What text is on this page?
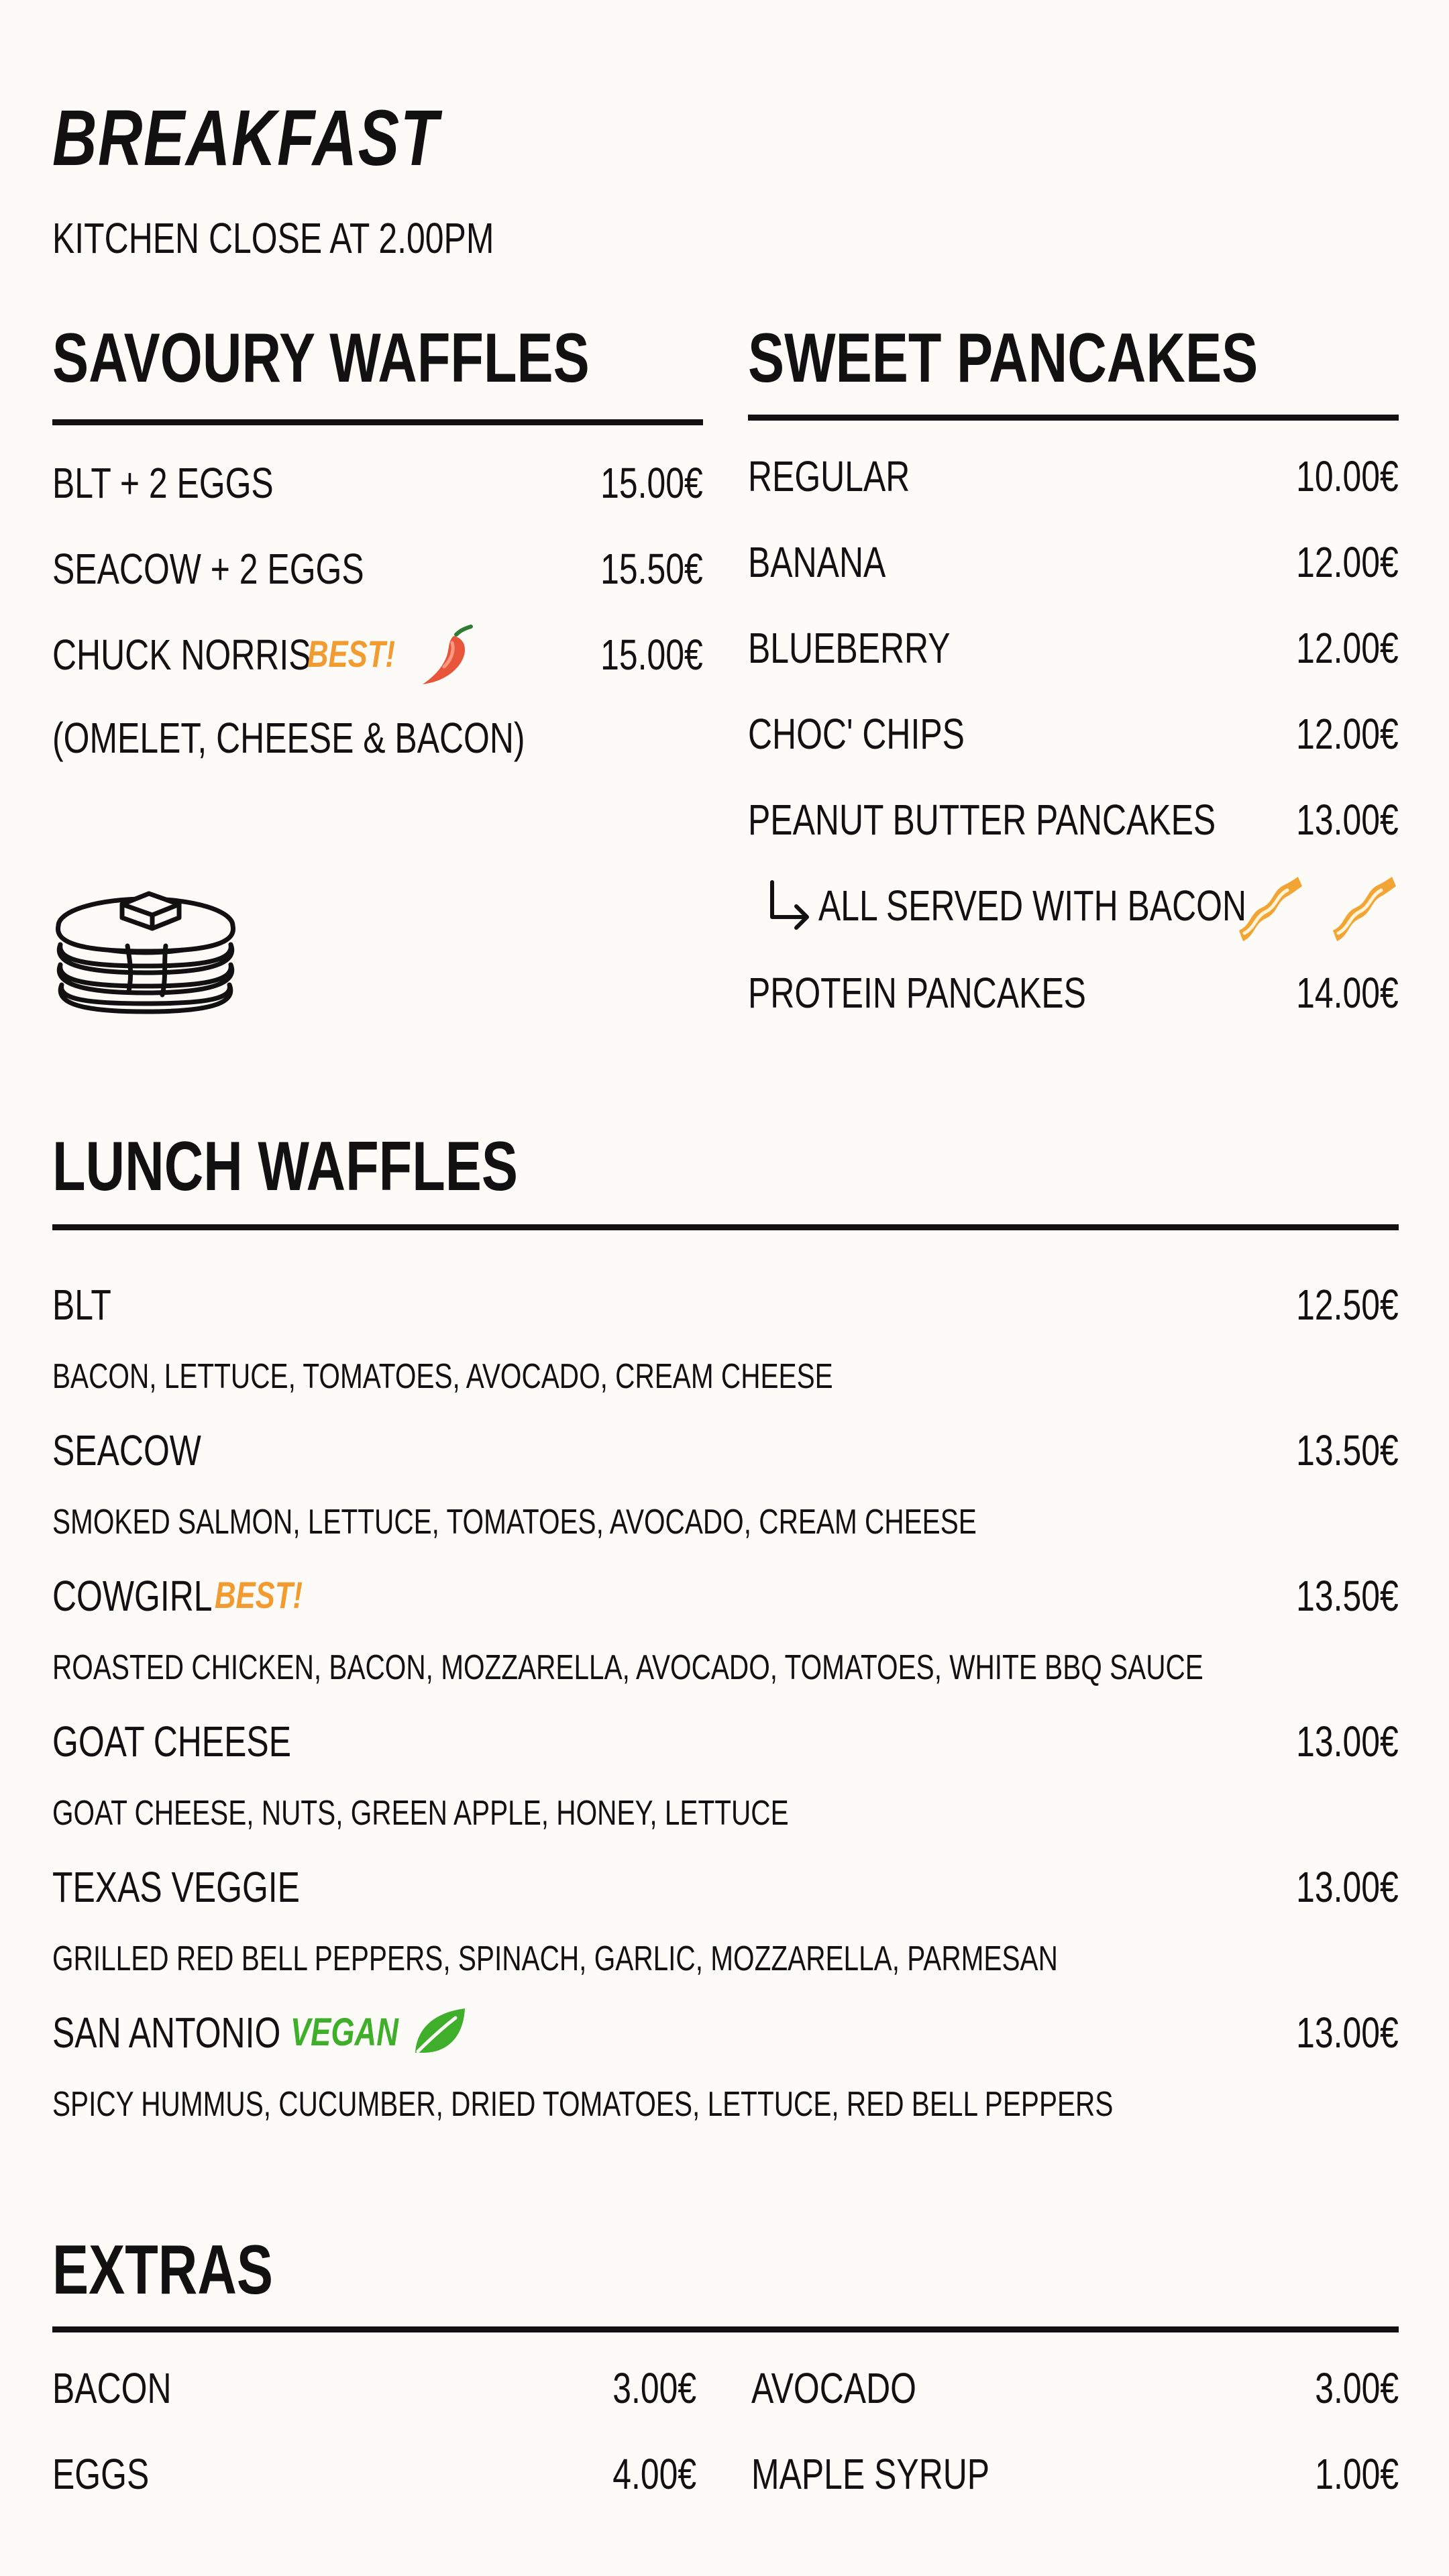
BREAKFAST
KITCHEN CLOSE AT 2.00PM
SAVOURY WAFFLES
BLT + 2 EGGS	15.00€
SEACOW + 2 EGGS	15.50€
CHUCK NORRIS
BEST!	15.00€
(OMELET, CHEESE & BACON)
SWEET PANCAKES
REGULAR	10.00€
BANANA	12.00€
BLUEBERRY	12.00€
CHOC' CHIPS	12.00€
PEANUT BUTTER PANCAKES	13.00€
ALL SERVED WITH BACON
PROTEIN PANCAKES	14.00€
LUNCH WAFFLES
BLT	12.50€
BACON, LETTUCE, TOMATOES, AVOCADO, CREAM CHEESE
SEACOW	13.50€
SMOKED SALMON, LETTUCE, TOMATOES, AVOCADO, CREAM CHEESE
COWGIRL BEST!	13.50€
ROASTED CHICKEN, BACON, MOZZARELLA, AVOCADO, TOMATOES, WHITE BBQ SAUCE
GOAT CHEESE	13.00€
GOAT CHEESE, NUTS, GREEN APPLE, HONEY, LETTUCE
TEXAS VEGGIE	13.00€
GRILLED RED BELL PEPPERS, SPINACH, GARLIC, MOZZARELLA, PARMESAN
SAN ANTONIO VEGAN	13.00€
SPICY HUMMUS, CUCUMBER, DRIED TOMATOES, LETTUCE, RED BELL PEPPERS
EXTRAS
BACON	3.00€ AVOCADO	3.00€
EGGS	4.00€ MAPLE SYRUP	1.00€
